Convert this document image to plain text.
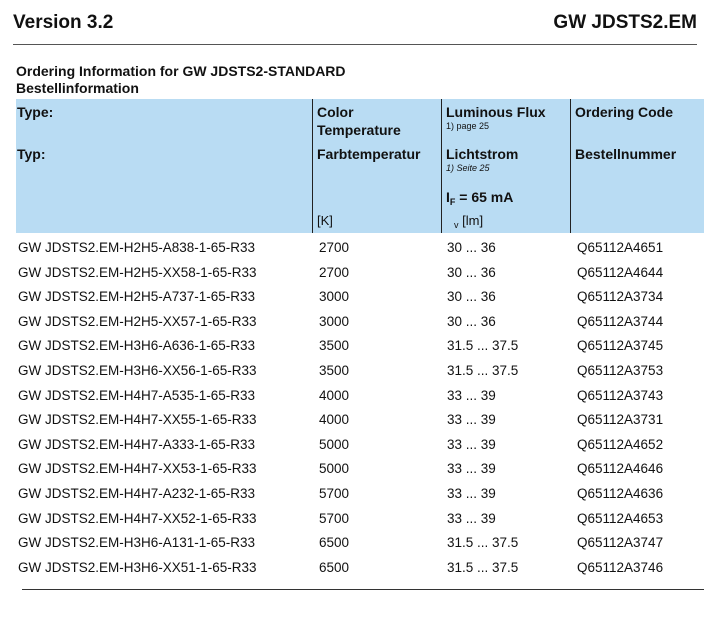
Version 3.2	GW JDSTS2.EM
Ordering Information for GW JDSTS2-STANDARD
Bestellinformation
Type:
Typ:
Color
Temperature
Farbtemperatur
[K]
Luminous Flux
1) page 25
Lichtstrom
1) Seite 25
$I_F = 65$ mA
$_v$ [lm]
Ordering Code
Bestellnummer
GW JDSTS2.EM-H2H5-A838-1-65-R33	2700	30 ... 36	Q65112A4651
GW JDSTS2.EM-H2H5-XX58-1-65-R33	2700	30 ... 36	Q65112A4644
GW JDSTS2.EM-H2H5-A737-1-65-R33	3000	30 ... 36	Q65112A3734
GW JDSTS2.EM-H2H5-XX57-1-65-R33	3000	30 ... 36	Q65112A3744
GW JDSTS2.EM-H3H6-A636-1-65-R33	3500	31.5 ... 37.5	Q65112A3745
GW JDSTS2.EM-H3H6-XX56-1-65-R33	3500	31.5 ... 37.5	Q65112A3753
GW JDSTS2.EM-H4H7-A535-1-65-R33	4000	33 ... 39	Q65112A3743
GW JDSTS2.EM-H4H7-XX55-1-65-R33	4000	33 ... 39	Q65112A3731
GW JDSTS2.EM-H4H7-A333-1-65-R33	5000	33 ... 39	Q65112A4652
GW JDSTS2.EM-H4H7-XX53-1-65-R33	5000	33 ... 39	Q65112A4646
GW JDSTS2.EM-H4H7-A232-1-65-R33	5700	33 ... 39	Q65112A4636
GW JDSTS2.EM-H4H7-XX52-1-65-R33	5700	33 ... 39	Q65112A4653
GW JDSTS2.EM-H3H6-A131-1-65-R33	6500	31.5 ... 37.5	Q65112A3747
GW JDSTS2.EM-H3H6-XX51-1-65-R33	6500	31.5 ... 37.5	Q65112A3746
